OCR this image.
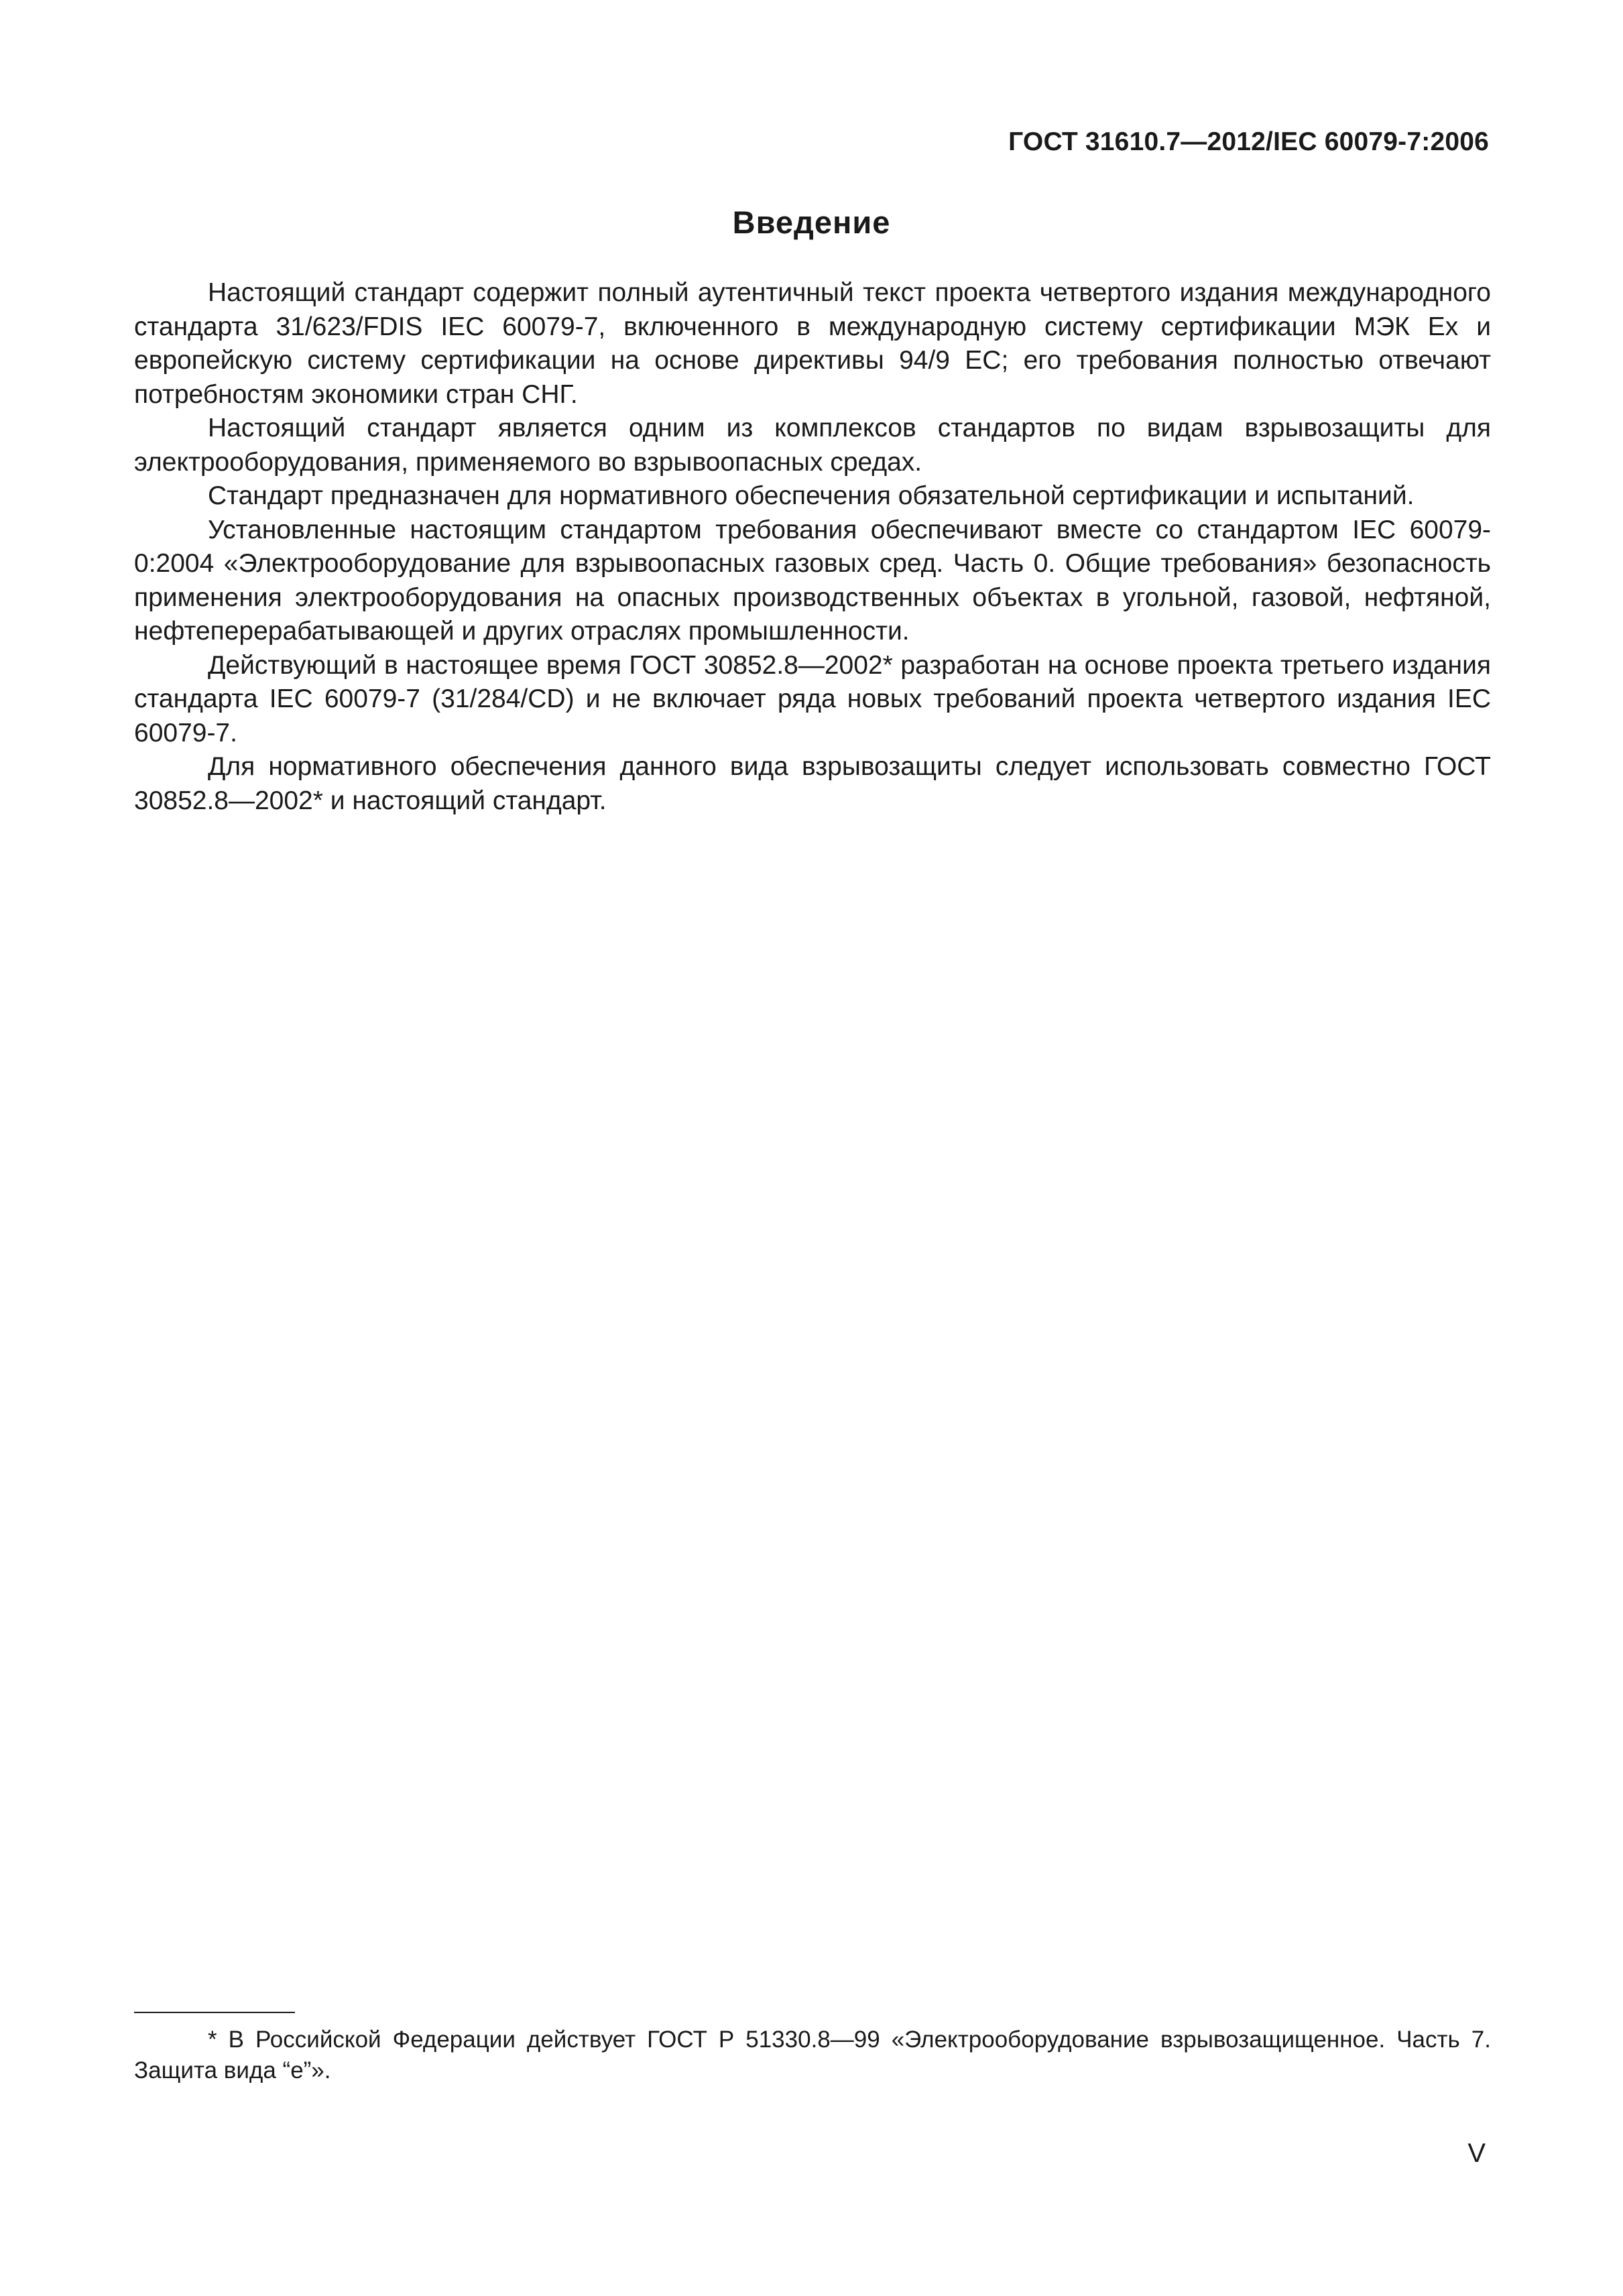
ГОСТ 31610.7—2012/IEC 60079-7:2006
Введение

Настоящий стандарт содержит полный аутентичный текст проекта четвертого издания международного стандарта 31/623/FDIS IEC 60079-7, включенного в международную систему сертификации МЭК Ex и европейскую систему сертификации на основе директивы 94/9 ЕС; его требования полностью отвечают потребностям экономики стран СНГ.

Настоящий стандарт является одним из комплексов стандартов по видам взрывозащиты для электрооборудования, применяемого во взрывоопасных средах.

Стандарт предназначен для нормативного обеспечения обязательной сертификации и испытаний.

Установленные настоящим стандартом требования обеспечивают вместе со стандартом IEC 60079-0:2004 «Электрооборудование для взрывоопасных газовых сред. Часть 0. Общие требования» безопасность применения электрооборудования на опасных производственных объектах в угольной, газовой, нефтяной, нефтеперерабатывающей и других отраслях промышленности.

Действующий в настоящее время ГОСТ 30852.8—2002* разработан на основе проекта третьего издания стандарта IEC 60079-7 (31/284/CD) и не включает ряда новых требований проекта четвертого издания IEC 60079-7.

Для нормативного обеспечения данного вида взрывозащиты следует использовать совместно ГОСТ 30852.8—2002* и настоящий стандарт.

* В Российской Федерации действует ГОСТ Р 51330.8—99 «Электрооборудование взрывозащищенное. Часть 7. Защита вида “e”».

V
